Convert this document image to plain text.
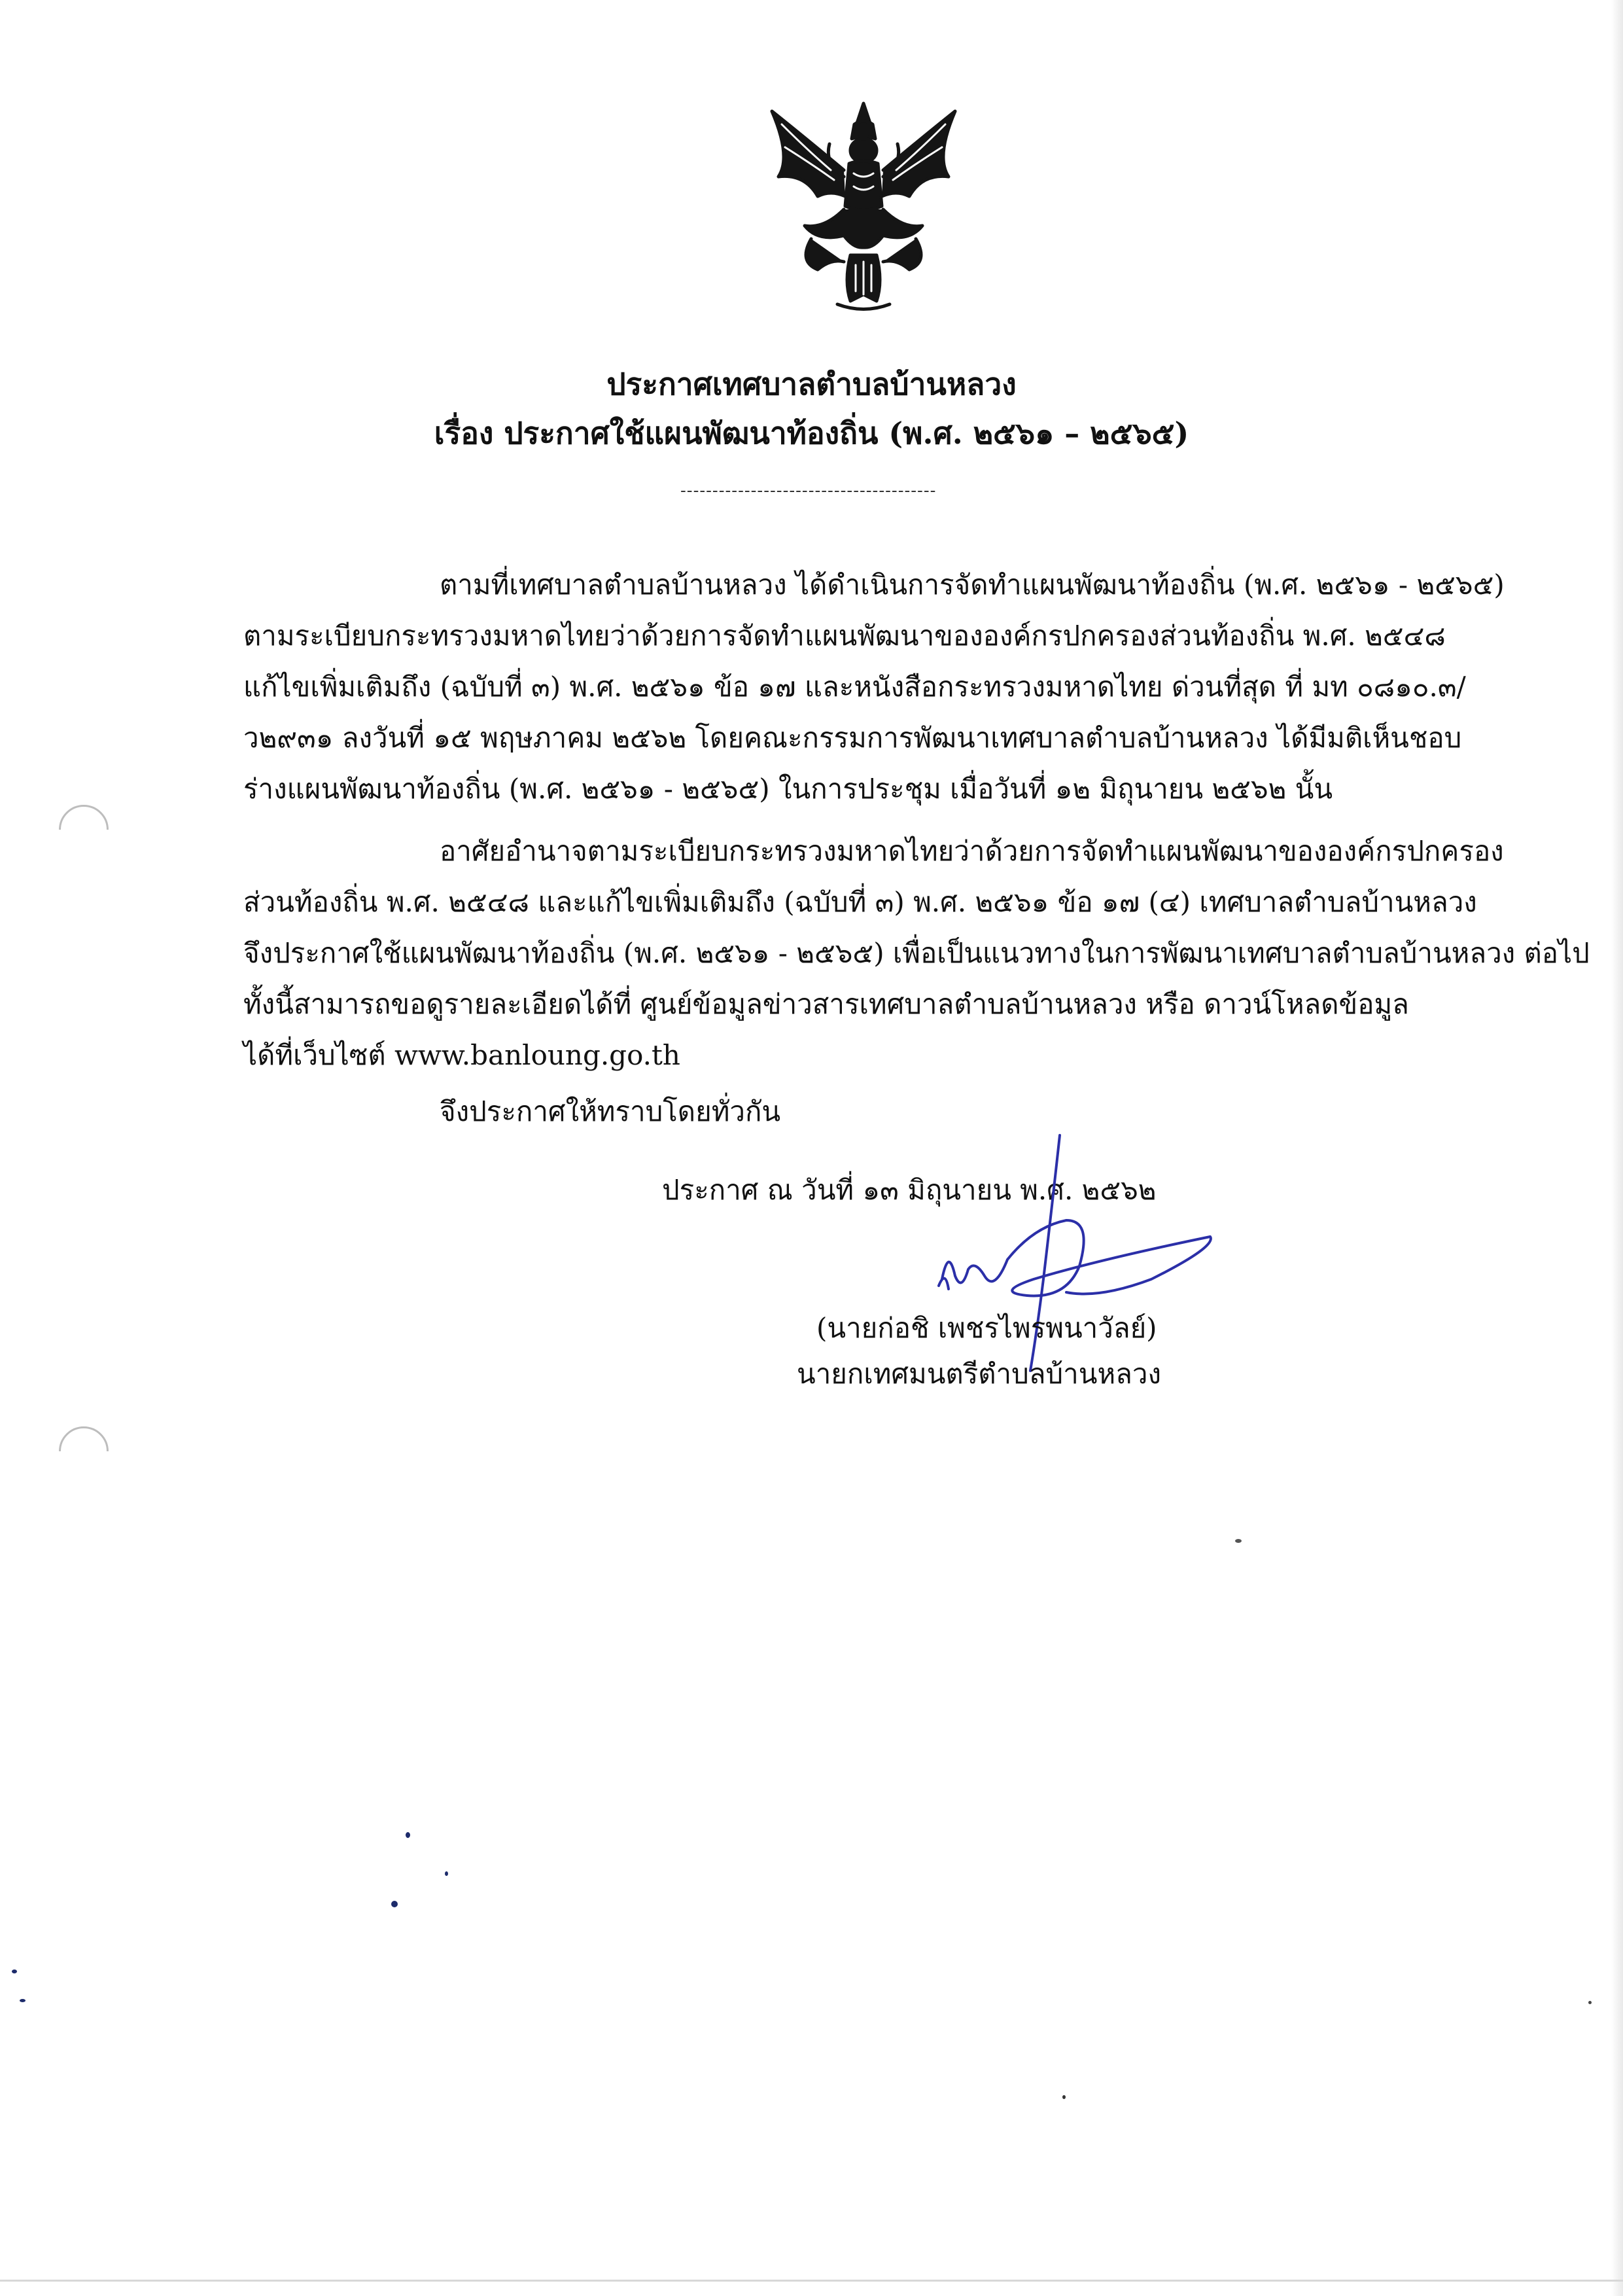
ประกาศเทศบาลตำบลบ้านหลวง
เรื่อง ประกาศใช้แผนพัฒนาท้องถิ่น (พ.ศ. ๒๕๖๑ – ๒๕๖๕)
----------------------------------------
ตามที่เทศบาลตำบลบ้านหลวง ได้ดำเนินการจัดทำแผนพัฒนาท้องถิ่น (พ.ศ. ๒๕๖๑ - ๒๕๖๕)
ตามระเบียบกระทรวงมหาดไทยว่าด้วยการจัดทำแผนพัฒนาขององค์กรปกครองส่วนท้องถิ่น พ.ศ. ๒๕๔๘
แก้ไขเพิ่มเติมถึง (ฉบับที่ ๓) พ.ศ. ๒๕๖๑ ข้อ ๑๗ และหนังสือกระทรวงมหาดไทย ด่วนที่สุด ที่ มท ๐๘๑๐.๓/
ว๒๙๓๑ ลงวันที่ ๑๕ พฤษภาคม ๒๕๖๒ โดยคณะกรรมการพัฒนาเทศบาลตำบลบ้านหลวง ได้มีมติเห็นชอบ
ร่างแผนพัฒนาท้องถิ่น (พ.ศ. ๒๕๖๑ - ๒๕๖๕) ในการประชุม เมื่อวันที่ ๑๒ มิถุนายน ๒๕๖๒ นั้น
อาศัยอำนาจตามระเบียบกระทรวงมหาดไทยว่าด้วยการจัดทำแผนพัฒนาขององค์กรปกครอง
ส่วนท้องถิ่น พ.ศ. ๒๕๔๘ และแก้ไขเพิ่มเติมถึง (ฉบับที่ ๓) พ.ศ. ๒๕๖๑ ข้อ ๑๗ (๔) เทศบาลตำบลบ้านหลวง
จึงประกาศใช้แผนพัฒนาท้องถิ่น (พ.ศ. ๒๕๖๑ - ๒๕๖๕) เพื่อเป็นแนวทางในการพัฒนาเทศบาลตำบลบ้านหลวง ต่อไป
ทั้งนี้สามารถขอดูรายละเอียดได้ที่ ศูนย์ข้อมูลข่าวสารเทศบาลตำบลบ้านหลวง หรือ ดาวน์โหลดข้อมูล
ได้ที่เว็บไซต์ www.banloung.go.th
จึงประกาศให้ทราบโดยทั่วกัน
ประกาศ ณ วันที่ ๑๓ มิถุนายน พ.ศ. ๒๕๖๒
(นายก่อชิ เพชรไพรพนาวัลย์)
นายกเทศมนตรีตำบลบ้านหลวง
